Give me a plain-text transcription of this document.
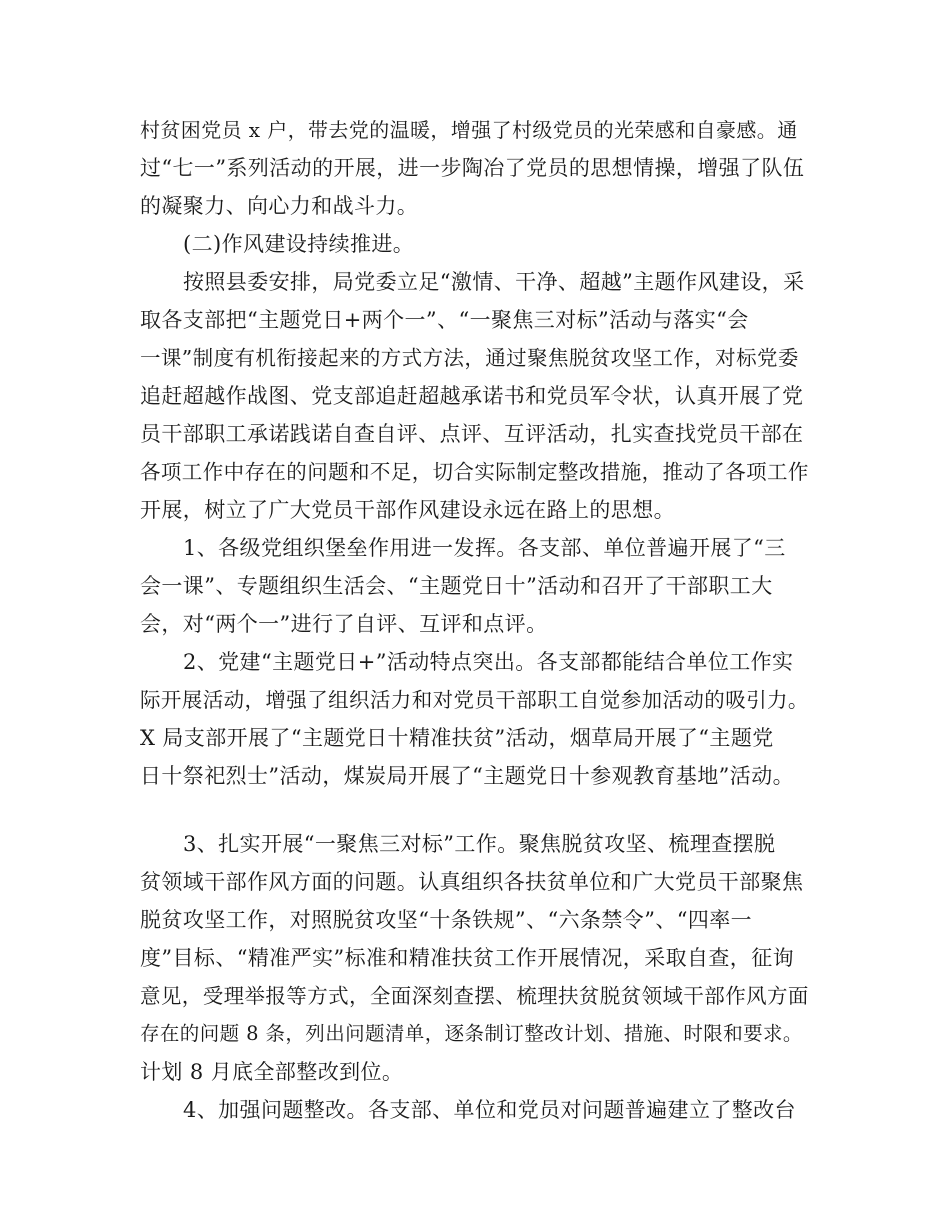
村贫困党员 x 户，带去党的温暖，增强了村级党员的光荣感和自豪感。通
过“七一”系列活动的开展，进一步陶冶了党员的思想情操，增强了队伍
的凝聚力、向心力和战斗力。
(二)作风建设持续推进。
按照县委安排，局党委立足“激情、干净、超越”主题作风建设，采
取各支部把“主题党日+两个一”、“一聚焦三对标”活动与落实“会
一课”制度有机衔接起来的方式方法，通过聚焦脱贫攻坚工作，对标党委
追赶超越作战图、党支部追赶超越承诺书和党员军令状，认真开展了党
员干部职工承诺践诺自查自评、点评、互评活动，扎实查找党员干部在
各项工作中存在的问题和不足，切合实际制定整改措施，推动了各项工作
开展，树立了广大党员干部作风建设永远在路上的思想。
1、各级党组织堡垒作用进一发挥。各支部、单位普遍开展了“三
会一课”、专题组织生活会、“主题党日十”活动和召开了干部职工大
会，对“两个一”进行了自评、互评和点评。
2、党建“主题党日+”活动特点突出。各支部都能结合单位工作实
际开展活动，增强了组织活力和对党员干部职工自觉参加活动的吸引力。
X 局支部开展了“主题党日十精准扶贫”活动，烟草局开展了“主题党
日十祭祀烈士”活动，煤炭局开展了“主题党日十参观教育基地”活动。
3、扎实开展“一聚焦三对标”工作。聚焦脱贫攻坚、梳理查摆脱
贫领域干部作风方面的问题。认真组织各扶贫单位和广大党员干部聚焦
脱贫攻坚工作，对照脱贫攻坚“十条铁规”、“六条禁令”、“四率一
度”目标、“精准严实”标准和精准扶贫工作开展情况，采取自查，征询
意见，受理举报等方式，全面深刻查摆、梳理扶贫脱贫领域干部作风方面
存在的问题 8 条，列出问题清单，逐条制订整改计划、措施、时限和要求。
计划 8 月底全部整改到位。
4、加强问题整改。各支部、单位和党员对问题普遍建立了整改台
